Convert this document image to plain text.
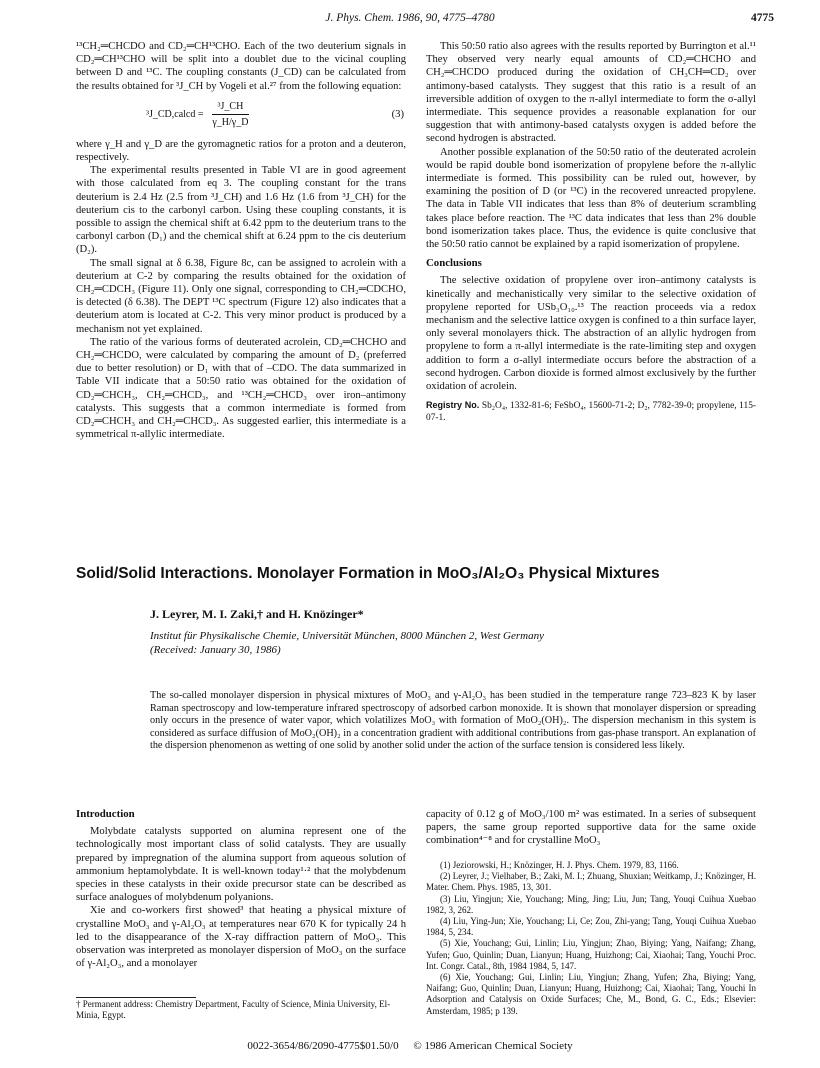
J. Phys. Chem. 1986, 90, 4775–4780	4775

¹³CH₂═CHCDO and CD₂═CH¹³CHO. Each of the two deuterium signals in CD₂═CH¹³CHO will be split into a doublet due to the vicinal coupling between D and ¹³C. The coupling constants (J_CD) can be calculated from the results obtained for ³J_CH by Vogeli et al.²⁷ from the following equation:

³J_CD,calcd = $\frac{\text{³J\_CH}}{\gamma\_H/\gamma\_D}$	(3)

where γ_H and γ_D are the gyromagnetic ratios for a proton and a deuteron, respectively.

The experimental results presented in Table VI are in good agreement with those calculated from eq 3. The coupling constant for the trans deuterium is 2.4 Hz (2.5 from ³J_CH) and 1.6 Hz (1.6 from ³J_CH) for the deuterium cis to the carbonyl carbon. Using these coupling constants, it is possible to assign the chemical shift at 6.42 ppm to the deuterium trans to the carbonyl carbon (D₁) and the chemical shift at 6.24 ppm to the cis deuterium (D₂).

The small signal at δ 6.38, Figure 8c, can be assigned to acrolein with a deuterium at C-2 by comparing the results obtained for the oxidation of CH₂═CDCH₃ (Figure 11). Only one signal, corresponding to CH₂═CDCHO, is detected (δ 6.38). The DEPT ¹³C spectrum (Figure 12) also indicates that a deuterium atom is located at C-2. This very minor product is produced by a mechanism not yet explained.

The ratio of the various forms of deuterated acrolein, CD₂═CHCHO and CH₂═CHCDO, were calculated by comparing the amount of D₂ (preferred due to better resolution) or D₁ with that of –CDO. The data summarized in Table VII indicate that a 50:50 ratio was obtained for the oxidation of CD₂═CHCH₃, CH₂═CHCD₃, and ¹³CH₂═CHCD₃ over iron–antimony catalysts. This suggests that a common intermediate is formed from CD₂═CHCH₃ and CH₂═CHCD₃. As suggested earlier, this intermediate is a symmetrical π-allylic intermediate.

This 50:50 ratio also agrees with the results reported by Burrington et al.¹¹ They observed very nearly equal amounts of CD₂═CHCHO and CH₂═CHCDO produced during the oxidation of CH₃CH═CD₂ over antimony-based catalysts. They suggest that this ratio is a result of an irreversible addition of oxygen to the π-allyl intermediate to form the σ-allyl intermediate. This sequence provides a reasonable explanation for our suggestion that with antimony-based catalysts oxygen is added before the second hydrogen is abstracted.

Another possible explanation of the 50:50 ratio of the deuterated acrolein would be rapid double bond isomerization of propylene before the π-allylic intermediate is formed. This possibility can be ruled out, however, by examining the position of D (or ¹³C) in the recovered unreacted propylene. The data in Table VII indicates that less than 8% of deuterium scrambling takes place before reaction. The ¹³C data indicates that less than 2% double bond isomerization takes place. Thus, the evidence is quite conclusive that the 50:50 ratio cannot be explained by a rapid isomerization of propylene.

Conclusions

The selective oxidation of propylene over iron–antimony catalysts is kinetically and mechanistically very similar to the selective oxidation of propylene reported for USb₃O₁₀.¹³ The reaction proceeds via a redox mechanism and the selective lattice oxygen is confined to a thin surface layer, only several monolayers thick. The abstraction of an allylic hydrogen from propylene to form a π-allyl intermediate is the rate-limiting step and oxygen addition to form a σ-allyl intermediate occurs before the abstraction of a second hydrogen. Carbon dioxide is formed almost exclusively by the further oxidation of acrolein.

Registry No. Sb₂O₄, 1332-81-6; FeSbO₄, 15600-71-2; D₂, 7782-39-0; propylene, 115-07-1.
Solid/Solid Interactions. Monolayer Formation in MoO₃/Al₂O₃ Physical Mixtures
J. Leyrer, M. I. Zaki,† and H. Knözinger*
Institut für Physikalische Chemie, Universität München, 8000 München 2, West Germany
(Received: January 30, 1986)
The so-called monolayer dispersion in physical mixtures of MoO₃ and γ-Al₂O₃ has been studied in the temperature range 723–823 K by laser Raman spectroscopy and low-temperature infrared spectroscopy of adsorbed carbon monoxide. It is shown that monolayer dispersion or spreading only occurs in the presence of water vapor, which volatilizes MoO₃ with formation of MoO₂(OH)₂. The dispersion mechanism in this system is considered as surface diffusion of MoO₂(OH)₂ in a concentration gradient with additional contributions from gas-phase transport. An explanation of the dispersion phenomenon as wetting of one solid by another solid under the action of the surface tension is considered less likely.
Introduction

Molybdate catalysts supported on alumina represent one of the technologically most important class of solid catalysts. They are usually prepared by impregnation of the alumina support from aqueous solution of ammonium heptamolybdate. It is well-known today¹·² that the molybdenum species in these catalysts in their oxide precursor state can be described as surface analogues of molybdenum polyanions.

Xie and co-workers first showed³ that heating a physical mixture of crystalline MoO₃ and γ-Al₂O₃ at temperatures near 670 K for typically 24 h led to the disappearance of the X-ray diffraction pattern of MoO₃. This observation was interpreted as monolayer dispersion of MoO₃ on the surface of γ-Al₂O₃, and a monolayer

capacity of 0.12 g of MoO₃/100 m² was estimated. In a series of subsequent papers, the same group reported supportive data for the same oxide combination⁴⁻⁸ and for crystalline MoO₃

(1) Jeziorowski, H.; Knözinger, H. J. Phys. Chem. 1979, 83, 1166.
(2) Leyrer, J.; Vielhaber, B.; Zaki, M. I.; Zhuang, Shuxian; Weitkamp, J.; Knözinger, H. Mater. Chem. Phys. 1985, 13, 301.
(3) Liu, Yingjun; Xie, Youchang; Ming, Jing; Liu, Jun; Tang, Youqi Cuihua Xuebao 1982, 3, 262.
(4) Liu, Ying-Jun; Xie, Youchang; Li, Ce; Zou, Zhi-yang; Tang, Youqi Cuihua Xuebao 1984, 5, 234.
(5) Xie, Youchang; Gui, Linlin; Liu, Yingjun; Zhao, Biying; Yang, Naifang; Zhang, Yufen; Guo, Quinlin; Duan, Lianyun; Huang, Huizhong; Cai, Xiaohai; Tang, Youchi Proc. Int. Congr. Catal., 8th, 1984 1984, 5, 147.
(6) Xie, Youchang; Gui, Linlin; Liu, Yingjun; Zhang, Yufen; Zha, Biying; Yang, Naifang; Guo, Quinlin; Duan, Lianyun; Huang, Huizhong; Cai, Xiaohai; Tang, Youchi In Adsorption and Catalysis on Oxide Surfaces; Che, M., Bond, G. C., Eds.; Elsevier: Amsterdam, 1985; p 139.
† Permanent address: Chemistry Department, Faculty of Science, Minia University, El-Minia, Egypt.
0022-3654/86/2090-4775$01.50/0 © 1986 American Chemical Society
